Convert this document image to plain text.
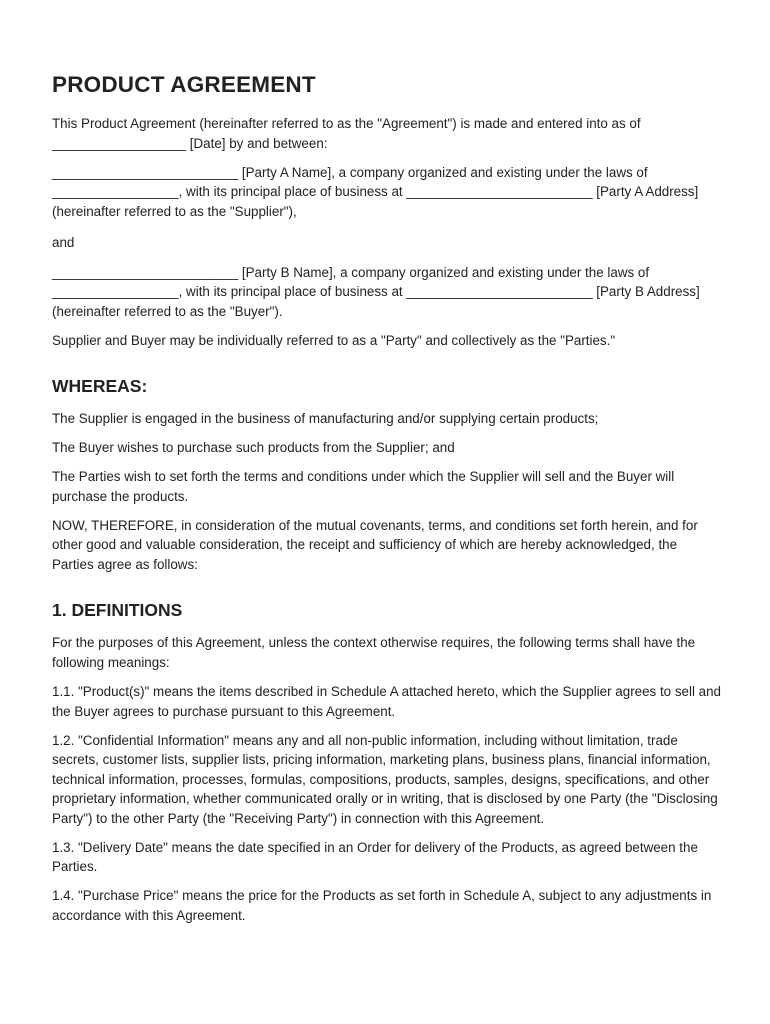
PRODUCT AGREEMENT

This Product Agreement (hereinafter referred to as the "Agreement") is made and entered into as of __________________ [Date] by and between:

_________________________ [Party A Name], a company organized and existing under the laws of _________________, with its principal place of business at _________________________ [Party A Address] (hereinafter referred to as the "Supplier"),

and

_________________________ [Party B Name], a company organized and existing under the laws of _________________, with its principal place of business at _________________________ [Party B Address] (hereinafter referred to as the "Buyer").

Supplier and Buyer may be individually referred to as a "Party" and collectively as the "Parties."

WHEREAS:

The Supplier is engaged in the business of manufacturing and/or supplying certain products;

The Buyer wishes to purchase such products from the Supplier; and

The Parties wish to set forth the terms and conditions under which the Supplier will sell and the Buyer will purchase the products.

NOW, THEREFORE, in consideration of the mutual covenants, terms, and conditions set forth herein, and for other good and valuable consideration, the receipt and sufficiency of which are hereby acknowledged, the Parties agree as follows:

1. DEFINITIONS

For the purposes of this Agreement, unless the context otherwise requires, the following terms shall have the following meanings:

1.1. "Product(s)" means the items described in Schedule A attached hereto, which the Supplier agrees to sell and the Buyer agrees to purchase pursuant to this Agreement.

1.2. "Confidential Information" means any and all non-public information, including without limitation, trade secrets, customer lists, supplier lists, pricing information, marketing plans, business plans, financial information, technical information, processes, formulas, compositions, products, samples, designs, specifications, and other proprietary information, whether communicated orally or in writing, that is disclosed by one Party (the "Disclosing Party") to the other Party (the "Receiving Party") in connection with this Agreement.

1.3. "Delivery Date" means the date specified in an Order for delivery of the Products, as agreed between the Parties.

1.4. "Purchase Price" means the price for the Products as set forth in Schedule A, subject to any adjustments in accordance with this Agreement.
